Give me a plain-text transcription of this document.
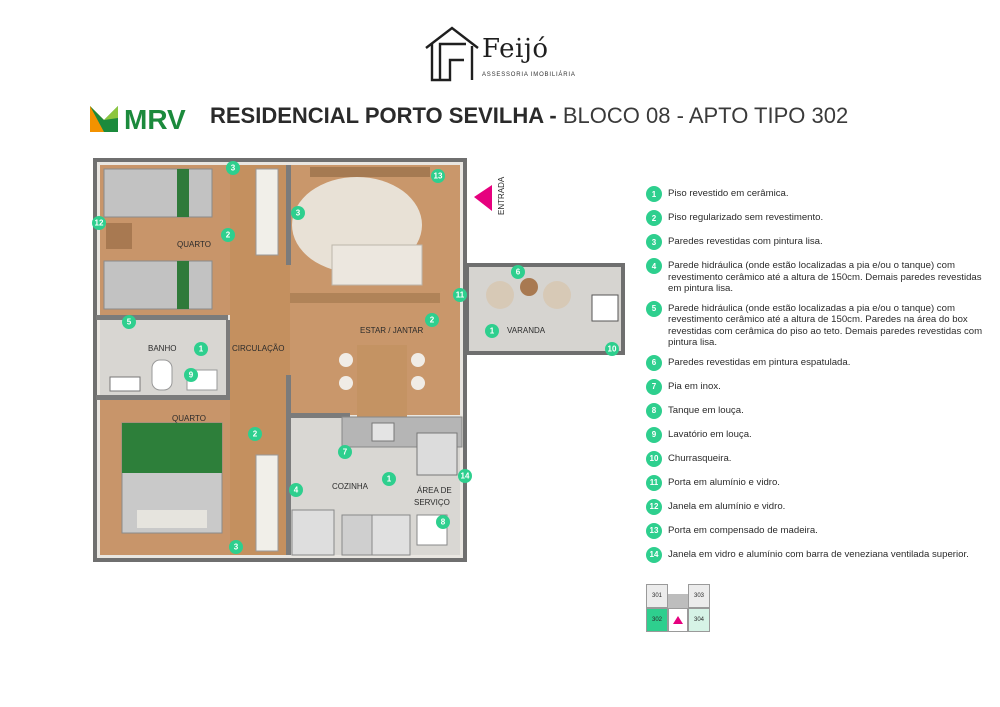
Feijó
ASSESSORIA IMOBILIÁRIA
MRV RESIDENCIAL PORTO SEVILHA - BLOCO 08 - APTO TIPO 302
ENTRADA
QUARTO
QUARTO
BANHO	CIRCULAÇÃO
ESTAR / JANTAR	VARANDA
COZINHA	ÁREA DE
SERVIÇO
3
13
3
12
2
6
11
5
1
2
1
9
2
7
1	14
4
8
3
10
1	Piso revestido em cerâmica.
2	Piso regularizado sem revestimento.
3	Paredes revestidas com pintura lisa.
4	Parede hidráulica (onde estão localizadas a pia e/ou o tanque) com revestimento cerâmico até a altura de 150cm. Demais paredes revestidas em pintura lisa.
5	Parede hidráulica (onde estão localizadas a pia e/ou o tanque) com revestimento cerâmico até a altura de 150cm. Paredes na área do box revestidas com cerâmica do piso ao teto. Demais paredes revestidas com pintura lisa.
6	Paredes revestidas em pintura espatulada.
7	Pia em inox.
8	Tanque em louça.
9	Lavatório em louça.
10 Churrasqueira.
11	Porta em alumínio e vidro.
12 Janela em alumínio e vidro.
13 Porta em compensado de madeira.
14 Janela em vidro e alumínio com barra de veneziana ventilada superior.
301	303
302	304
